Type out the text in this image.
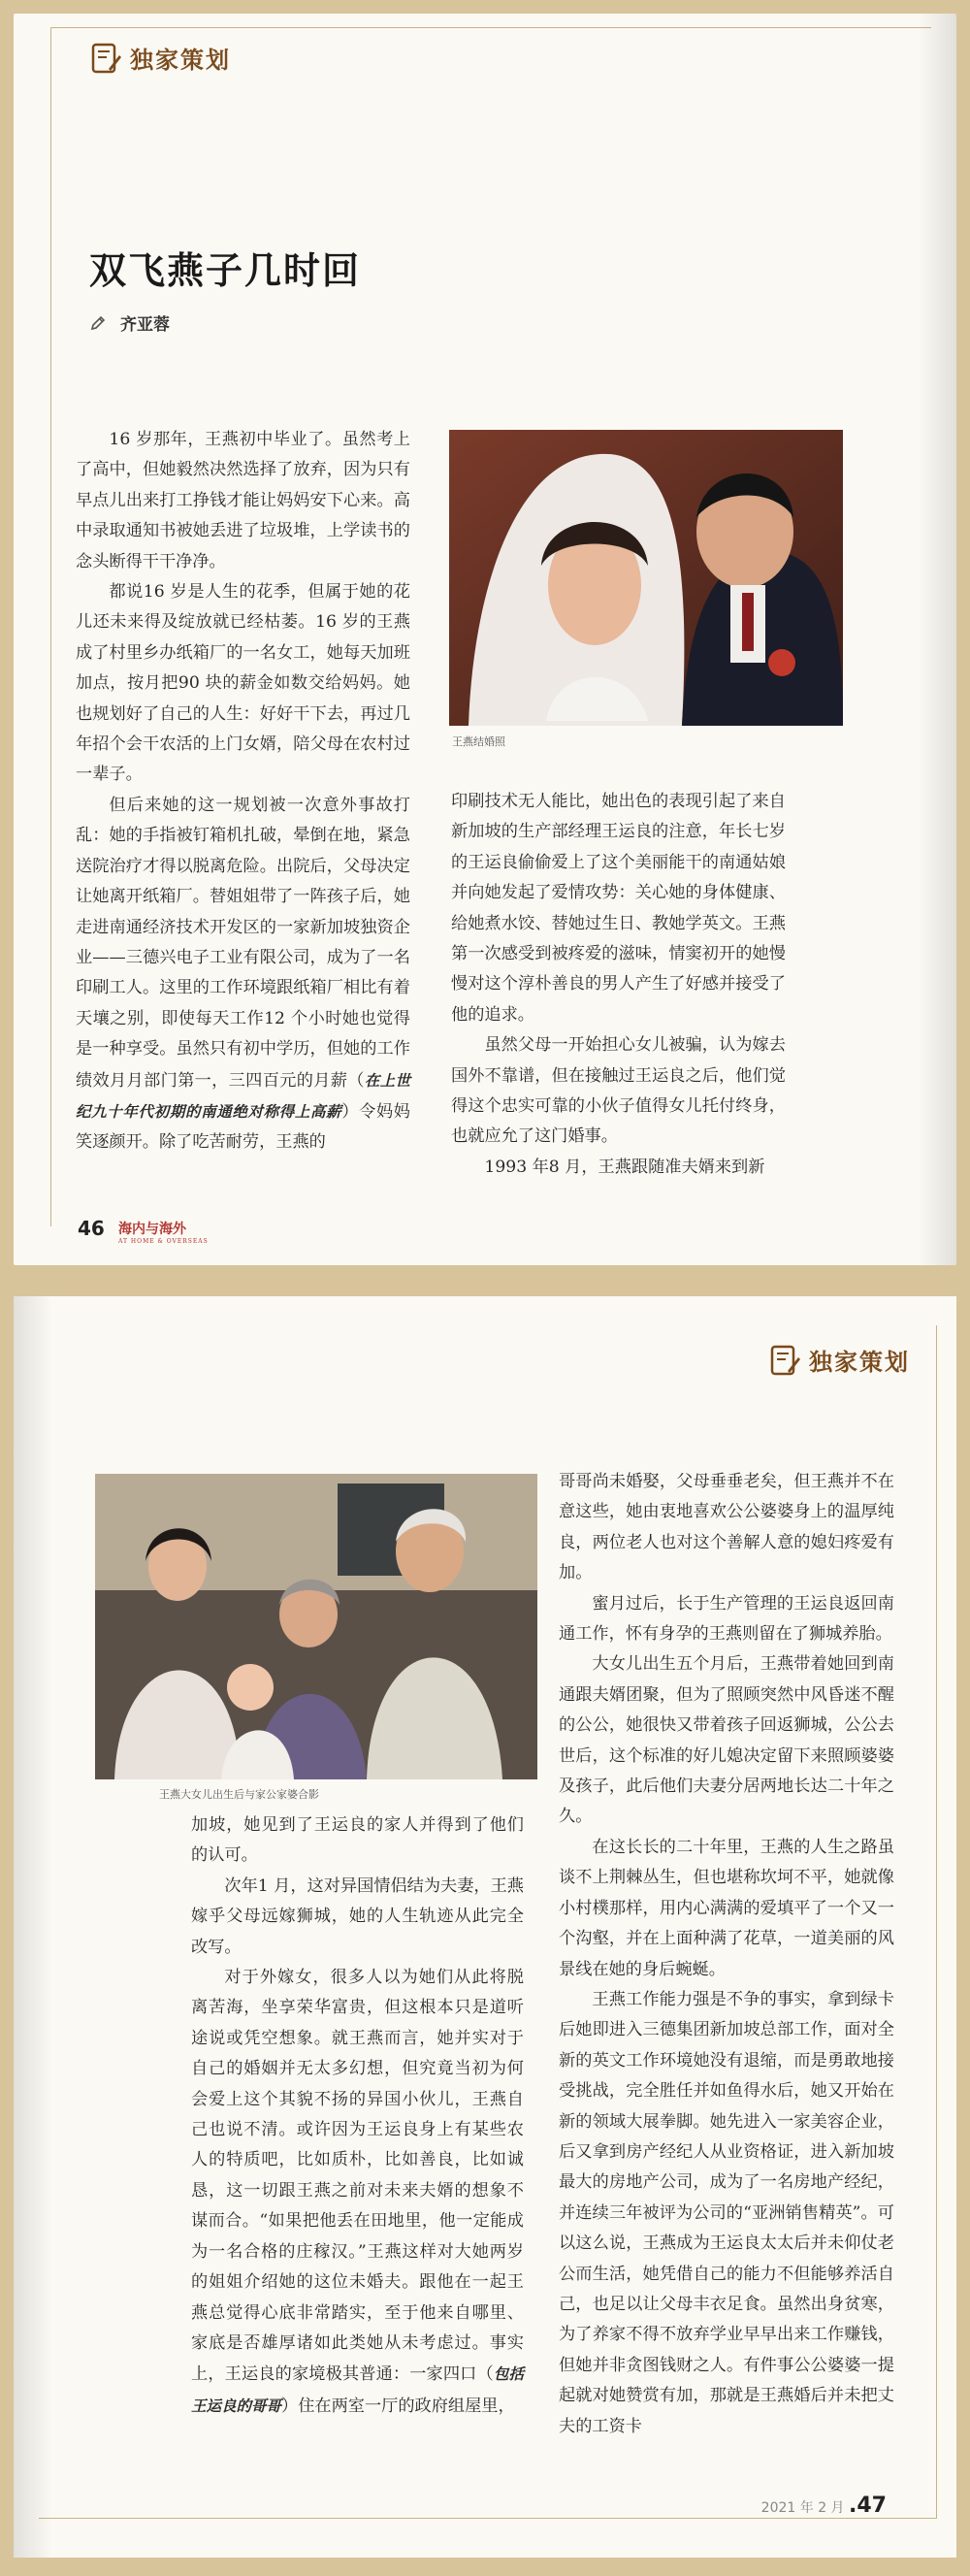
独家策划
双飞燕子几时回
齐亚蓉

16 岁那年，王燕初中毕业了。虽然考上了高中，但她毅然决然选择了放弃，因为只有早点儿出来打工挣钱才能让妈妈安下心来。高中录取通知书被她丢进了垃圾堆，上学读书的念头断得干干净净。

都说16 岁是人生的花季，但属于她的花儿还未来得及绽放就已经枯萎。16 岁的王燕成了村里乡办纸箱厂的一名女工，她每天加班加点，按月把90 块的薪金如数交给妈妈。她也规划好了自己的人生：好好干下去，再过几年招个会干农活的上门女婿，陪父母在农村过一辈子。

但后来她的这一规划被一次意外事故打乱：她的手指被钉箱机扎破，晕倒在地，紧急送院治疗才得以脱离危险。出院后，父母决定让她离开纸箱厂。替姐姐带了一阵孩子后，她走进南通经济技术开发区的一家新加坡独资企业——三德兴电子工业有限公司，成为了一名印刷工人。这里的工作环境跟纸箱厂相比有着天壤之别，即使每天工作12 个小时她也觉得是一种享受。虽然只有初中学历，但她的工作绩效月月部门第一，三四百元的月薪（在上世纪九十年代初期的南通绝对称得上高薪）令妈妈笑逐颜开。除了吃苦耐劳，王燕的

王燕结婚照

印刷技术无人能比，她出色的表现引起了来自新加坡的生产部经理王运良的注意，年长七岁的王运良偷偷爱上了这个美丽能干的南通姑娘并向她发起了爱情攻势：关心她的身体健康、给她煮水饺、替她过生日、教她学英文。王燕第一次感受到被疼爱的滋味，情窦初开的她慢慢对这个淳朴善良的男人产生了好感并接受了他的追求。

虽然父母一开始担心女儿被骗，认为嫁去国外不靠谱，但在接触过王运良之后，他们觉得这个忠实可靠的小伙子值得女儿托付终身，也就应允了这门婚事。

1993 年8 月，王燕跟随准夫婿来到新

46 海内与海外
AT HOME & OVERSEAS
独家策划
王燕大女儿出生后与家公家婆合影

加坡，她见到了王运良的家人并得到了他们的认可。

次年1 月，这对异国情侣结为夫妻，王燕嫁乎父母远嫁狮城，她的人生轨迹从此完全改写。

对于外嫁女，很多人以为她们从此将脱离苦海，坐享荣华富贵，但这根本只是道听途说或凭空想象。就王燕而言，她并实对于自己的婚姻并无太多幻想，但究竟当初为何会爱上这个其貌不扬的异国小伙儿，王燕自己也说不清。或许因为王运良身上有某些农人的特质吧，比如质朴，比如善良，比如诚恳，这一切跟王燕之前对未来夫婿的想象不谋而合。“如果把他丢在田地里，他一定能成为一名合格的庄稼汉。”王燕这样对大她两岁的姐姐介绍她的这位未婚夫。跟他在一起王燕总觉得心底非常踏实，至于他来自哪里、家底是否雄厚诸如此类她从未考虑过。事实上，王运良的家境极其普通：一家四口（包括王运良的哥哥）住在两室一厅的政府组屋里，

哥哥尚未婚娶，父母垂垂老矣，但王燕并不在意这些，她由衷地喜欢公公婆婆身上的温厚纯良，两位老人也对这个善解人意的媳妇疼爱有加。

蜜月过后，长于生产管理的王运良返回南通工作，怀有身孕的王燕则留在了狮城养胎。

大女儿出生五个月后，王燕带着她回到南通跟夫婿团聚，但为了照顾突然中风昏迷不醒的公公，她很快又带着孩子回返狮城，公公去世后，这个标准的好儿媳决定留下来照顾婆婆及孩子，此后他们夫妻分居两地长达二十年之久。

在这长长的二十年里，王燕的人生之路虽谈不上荆棘丛生，但也堪称坎坷不平，她就像小村樸那样，用内心满满的爱填平了一个又一个沟壑，并在上面种满了花草，一道美丽的风景线在她的身后蜿蜒。

王燕工作能力强是不争的事实，拿到绿卡后她即进入三德集团新加坡总部工作，面对全新的英文工作环境她没有退缩，而是勇敢地接受挑战，完全胜任并如鱼得水后，她又开始在新的领域大展拳脚。她先进入一家美容企业，后又拿到房产经纪人从业资格证，进入新加坡最大的房地产公司，成为了一名房地产经纪，并连续三年被评为公司的“亚洲销售精英”。可以这么说，王燕成为王运良太太后并未仰仗老公而生活，她凭借自己的能力不但能够养活自己，也足以让父母丰衣足食。虽然出身贫寒，为了养家不得不放弃学业早早出来工作赚钱，但她并非贪图钱财之人。有件事公公婆婆一提起就对她赞赏有加，那就是王燕婚后并未把丈夫的工资卡

2021 年 2 月 .47
